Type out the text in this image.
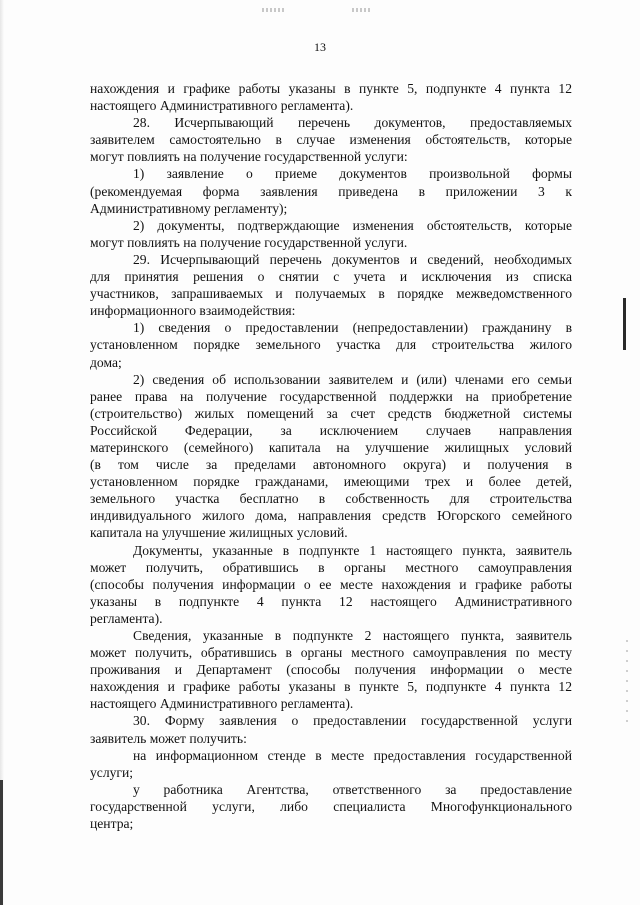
13
нахождения и графике работы указаны в пункте 5, подпункте 4 пункта 12
настоящего Административного регламента).
28. Исчерпывающий перечень документов, предоставляемых
заявителем самостоятельно в случае изменения обстоятельств, которые
могут повлиять на получение государственной услуги:
1) заявление о приеме документов произвольной формы
(рекомендуемая форма заявления приведена в приложении 3 к
Административному регламенту);
2) документы, подтверждающие изменения обстоятельств, которые
могут повлиять на получение государственной услуги.
29. Исчерпывающий перечень документов и сведений, необходимых
для принятия решения о снятии с учета и исключения из списка
участников, запрашиваемых и получаемых в порядке межведомственного
информационного взаимодействия:
1) сведения о предоставлении (непредоставлении) гражданину в
установленном порядке земельного участка для строительства жилого
дома;
2) сведения об использовании заявителем и (или) членами его семьи
ранее права на получение государственной поддержки на приобретение
(строительство) жилых помещений за счет средств бюджетной системы
Российской Федерации, за исключением случаев направления
материнского (семейного) капитала на улучшение жилищных условий
(в том числе за пределами автономного округа) и получения в
установленном порядке гражданами, имеющими трех и более детей,
земельного участка бесплатно в собственность для строительства
индивидуального жилого дома, направления средств Югорского семейного
капитала на улучшение жилищных условий.
Документы, указанные в подпункте 1 настоящего пункта, заявитель
может получить, обратившись в органы местного самоуправления
(способы получения информации о ее месте нахождения и графике работы
указаны в подпункте 4 пункта 12 настоящего Административного
регламента).
Сведения, указанные в подпункте 2 настоящего пункта, заявитель
может получить, обратившись в органы местного самоуправления по месту
проживания и Департамент (способы получения информации о месте
нахождения и графике работы указаны в пункте 5, подпункте 4 пункта 12
настоящего Административного регламента).
30. Форму заявления о предоставлении государственной услуги
заявитель может получить:
на информационном стенде в месте предоставления государственной
услуги;
у работника Агентства, ответственного за предоставление
государственной услуги, либо специалиста Многофункционального
центра;
